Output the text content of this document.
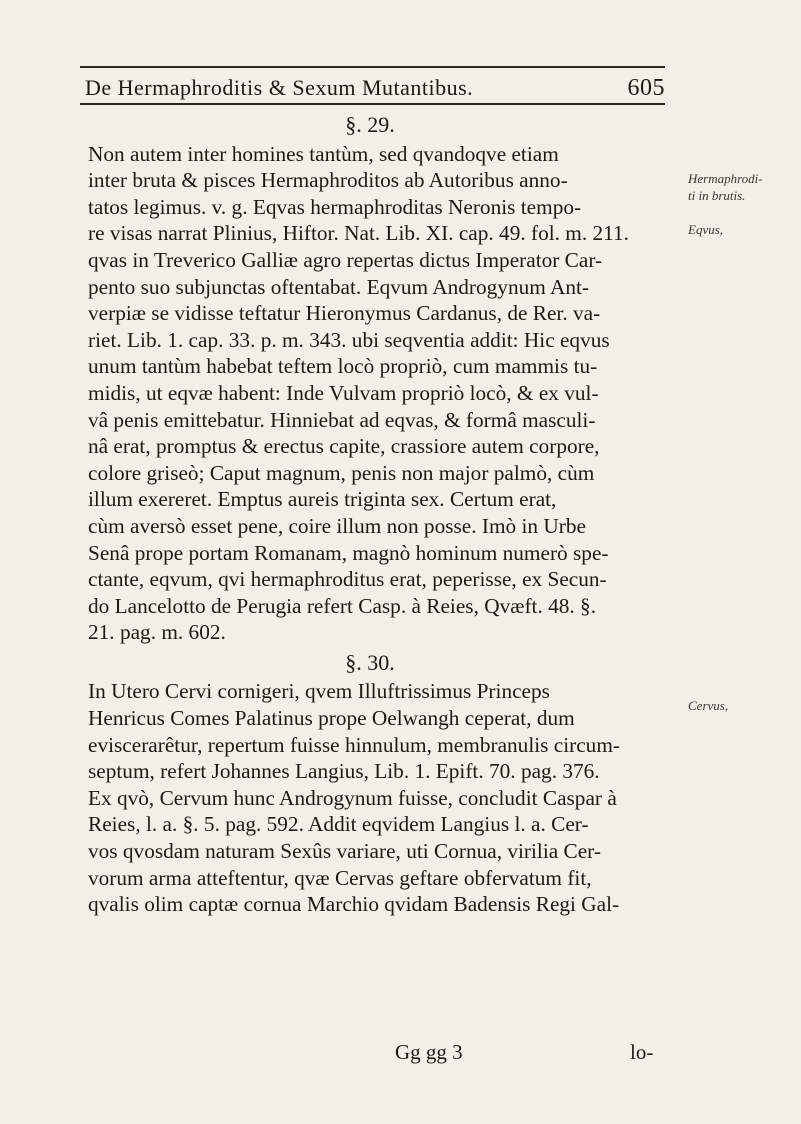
De Hermaphroditis & Sexum Mutantibus.	605
§. 29.
Non autem inter homines tantùm, sed qvandoqve etiam
inter bruta & pisces Hermaphroditos ab Autoribus anno-
tatos legimus. v. g. Eqvas hermaphroditas Neronis tempo-
re visas narrat Plinius, Hiftor. Nat. Lib. XI. cap. 49. fol. m. 211.
qvas in Treverico Galliæ agro repertas dictus Imperator Car-
pento suo subjunctas oftentabat. Eqvum Androgynum Ant-
verpiæ se vidisse teftatur Hieronymus Cardanus, de Rer. va-
riet. Lib. 1. cap. 33. p. m. 343. ubi seqventia addit: Hic eqvus
unum tantùm habebat teftem locò propriò, cum mammis tu-
midis, ut eqvæ habent: Inde Vulvam propriò locò, & ex vul-
vâ penis emittebatur. Hinniebat ad eqvas, & formâ masculi-
nâ erat, promptus & erectus capite, crassiore autem corpore,
colore griseò; Caput magnum, penis non major palmò, cùm
illum exereret. Emptus aureis triginta sex. Certum erat,
cùm aversò esset pene, coire illum non posse. Imò in Urbe
Senâ prope portam Romanam, magnò hominum numerò spe-
ctante, eqvum, qvi hermaphroditus erat, peperisse, ex Secun-
do Lancelotto de Perugia refert Casp. à Reies, Qvæft. 48. §.
21. pag. m. 602.
§. 30.
In Utero Cervi cornigeri, qvem Illuftrissimus Princeps
Henricus Comes Palatinus prope Oelwangh ceperat, dum
eviscerarêtur, repertum fuisse hinnulum, membranulis circum-
septum, refert Johannes Langius, Lib. 1. Epift. 70. pag. 376.
Ex qvò, Cervum hunc Androgynum fuisse, concludit Caspar à
Reies, l. a. §. 5. pag. 592. Addit eqvidem Langius l. a. Cer-
vos qvosdam naturam Sexûs variare, uti Cornua, virilia Cer-
vorum arma atteftentur, qvæ Cervas geftare obfervatum fit,
qvalis olim captæ cornua Marchio qvidam Badensis Regi Gal-
Hermaphrodi-
ti in brutis.
Eqvus,
Cervus,
Gg gg 3	lo-
